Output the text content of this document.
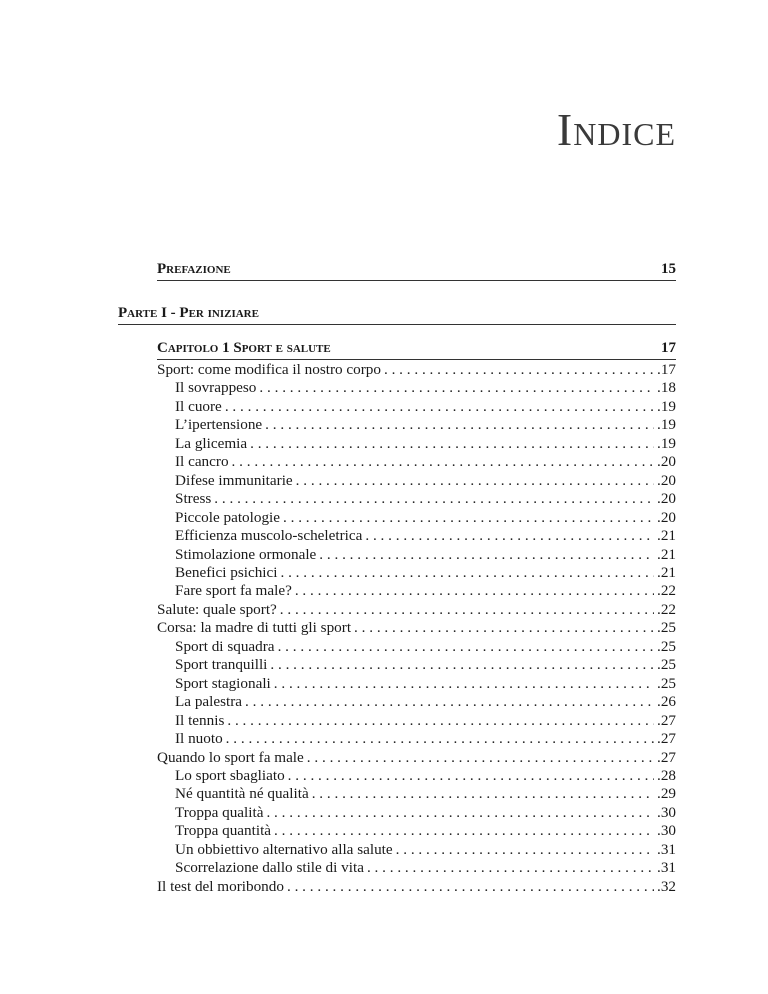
Indice
Prefazione	15
Parte I - Per iniziare
Capitolo 1 Sport e salute	17
Sport: come modifica il nostro corpo . . .	.17
Il sovrappeso . . .	.18
Il cuore . . .	.19
L’ipertensione . . .	.19
La glicemia . . .	.19
Il cancro . . .	.20
Difese immunitarie . . .	.20
Stress . . .	.20
Piccole patologie . . .	.20
Efficienza muscolo-scheletrica . . .	.21
Stimolazione ormonale . . .	.21
Benefici psichici . . .	.21
Fare sport fa male? . . .	.22
Salute: quale sport? . . .	.22
Corsa: la madre di tutti gli sport . . .	.25
Sport di squadra . . .	.25
Sport tranquilli . . .	.25
Sport stagionali . . .	.25
La palestra . . .	.26
Il tennis . . .	.27
Il nuoto . . .	.27
Quando lo sport fa male . . .	.27
Lo sport sbagliato . . .	.28
Né quantità né qualità . . .	.29
Troppa qualità . . .	.30
Troppa quantità . . .	.30
Un obbiettivo alternativo alla salute . . .	.31
Scorrelazione dallo stile di vita . . .	.31
Il test del moribondo . . .	.32
